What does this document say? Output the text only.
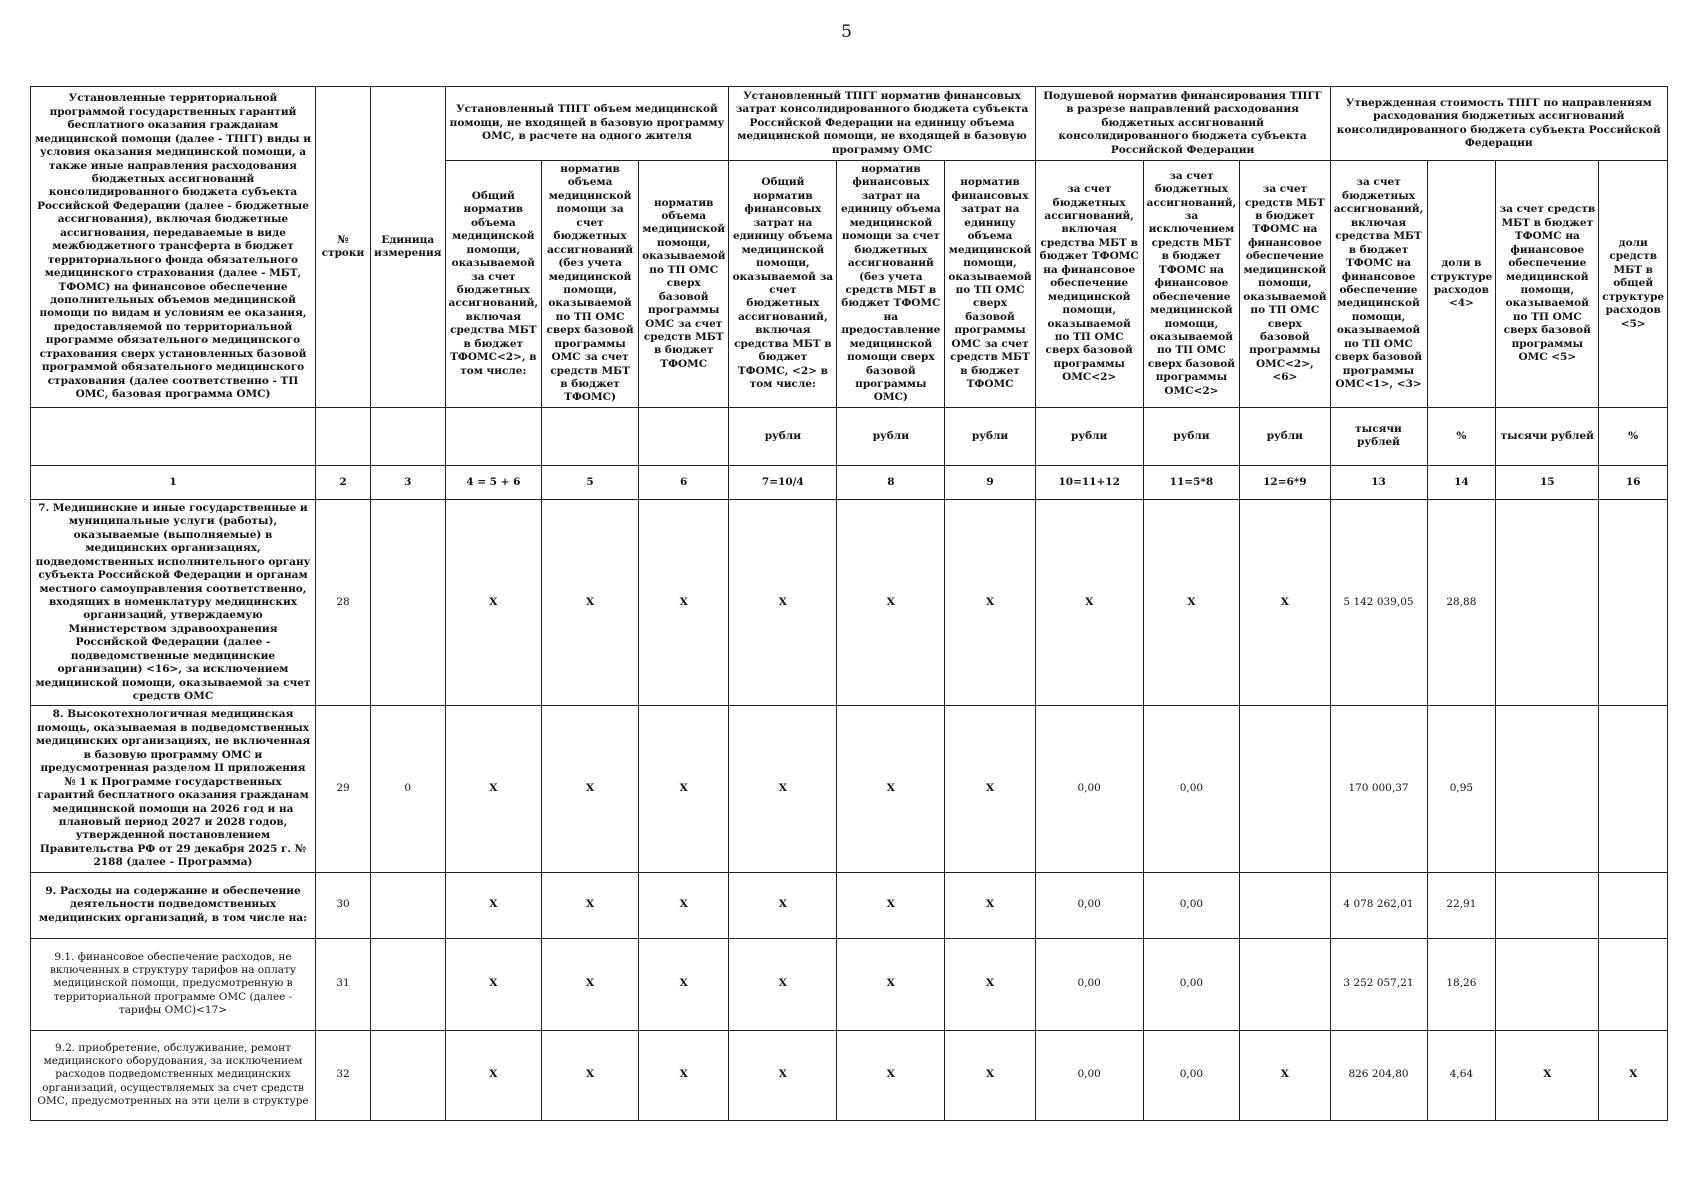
5
Установленные территориальной программой государственных гарантий бесплатного оказания гражданам медицинской помощи (далее - ТПГГ) виды и условия оказания медицинской помощи, а также иные направления расходования бюджетных ассигнований консолидированного бюджета субъекта Российской Федерации (далее - бюджетные ассигнования), включая бюджетные ассигнования, передаваемые в виде межбюджетного трансферта в бюджет территориального фонда обязательного медицинского страхования (далее - МБТ, ТФОМС) на финансовое обеспечение дополнительных объемов медицинской помощи по видам и условиям ее оказания, предоставляемой по территориальной программе обязательного медицинского страхования сверх установленных базовой программой обязательного медицинского страхования (далее соответственно - ТП ОМС, базовая программа ОМС)	№ строки	Единица измерения	Установленный ТПГГ объем медицинской помощи, не входящей в базовую программу ОМС, в расчете на одного жителя			Установленный ТПГГ норматив финансовых затрат консолидированного бюджета субъекта Российской Федерации на единицу объема медицинской помощи, не входящей в базовую программу ОМС			Подушевой норматив финансирования ТПГГ в разрезе направлений расходования бюджетных ассигнований консолидированного бюджета субъекта Российской Федерации			Утвержденная стоимость ТПГГ по направлениям расходования бюджетных ассигнований консолидированного бюджета субъекта Российской Федерации			
			Общий норматив объема медицинской помощи, оказываемой за счет бюджетных ассигнований, включая средства МБТ в бюджет ТФОМС<2>, в том числе:	норматив объема медицинской помощи за счет бюджетных ассигнований (без учета медицинской помощи, оказываемой по ТП ОМС сверх базовой программы ОМС за счет средств МБТ в бюджет ТФОМС)	норматив объема медицинской помощи, оказываемой по ТП ОМС сверх базовой программы ОМС за счет средств МБТ в бюджет ТФОМС	Общий норматив финансовых затрат на единицу объема медицинской помощи, оказываемой за счет бюджетных ассигнований, включая средства МБТ в бюджет ТФОМС, <2> в том числе:	норматив финансовых затрат на единицу объема медицинской помощи за счет бюджетных ассигнований (без учета средств МБТ в бюджет ТФОМС на предоставление медицинской помощи сверх базовой программы ОМС)	норматив финансовых затрат на единицу объема медицинской помощи, оказываемой по ТП ОМС сверх базовой программы ОМС за счет средств МБТ в бюджет ТФОМС	за счет бюджетных ассигнований, включая средства МБТ в бюджет ТФОМС на финансовое обеспечение медицинской помощи, оказываемой по ТП ОМС сверх базовой программы ОМС<2>	за счет бюджетных ассигнований, за исключением средств МБТ в бюджет ТФОМС на финансовое обеспечение медицинской помощи, оказываемой по ТП ОМС сверх базовой программы ОМС<2>	за счет средств МБТ в бюджет ТФОМС на финансовое обеспечение медицинской помощи, оказываемой по ТП ОМС сверх базовой программы ОМС<2>, <6>	за счет бюджетных ассигнований, включая средства МБТ в бюджет ТФОМС на финансовое обеспечение медицинской помощи, оказываемой по ТП ОМС сверх базовой программы ОМС<1>, <3>	доли в структуре расходов <4>	за счет средств МБТ в бюджет ТФОМС на финансовое обеспечение медицинской помощи, оказываемой по ТП ОМС сверх базовой программы ОМС <5>	доли средств МБТ в общей структуре расходов <5>
						рубли	рубли	рубли	рубли	рубли	рубли	тысячи рублей	%	тысячи рублей	%
1	2	3	4 = 5 + 6	5	6	7=10/4	8	9	10=11+12	11=5*8	12=6*9	13	14	15	16
7. Медицинские и иные государственные и муниципальные услуги (работы), оказываемые (выполняемые) в медицинских организациях, подведомственных исполнительного органу субъекта Российской Федерации и органам местного самоуправления соответственно, входящих в номенклатуру медицинских организаций, утверждаемую Министерством здравоохранения Российской Федерации (далее - подведомственные медицинские организации) <16>, за исключением медицинской помощи, оказываемой за счет средств ОМС	28		X	X	X	X	X	X	X	X	X	5 142 039,05	28,88		
8. Высокотехнологичная медицинская помощь, оказываемая в подведомственных медицинских организациях, не включенная в базовую программу ОМС и предусмотренная разделом II приложения № 1 к Программе государственных гарантий бесплатного оказания гражданам медицинской помощи на 2026 год и на плановый период 2027 и 2028 годов, утвержденной постановлением Правительства РФ от 29 декабря 2025 г. № 2188 (далее - Программа)	29	0	X	X	X	X	X	X	0,00	0,00		170 000,37	0,95		
9. Расходы на содержание и обеспечение деятельности подведомственных медицинских организаций, в том числе на:	30		X	X	X	X	X	X	0,00	0,00		4 078 262,01	22,91		
9.1. финансовое обеспечение расходов, не включенных в структуру тарифов на оплату медицинской помощи, предусмотренную в территориальной программе ОМС (далее - тарифы ОМС)<17>	31		X	X	X	X	X	X	0,00	0,00		3 252 057,21	18,26		
9.2. приобретение, обслуживание, ремонт медицинского оборудования, за исключением расходов подведомственных медицинских организаций, осуществляемых за счет средств ОМС, предусмотренных на эти цели в структуре	32		X	X	X	X	X	X	0,00	0,00	X	826 204,80	4,64	X	X
